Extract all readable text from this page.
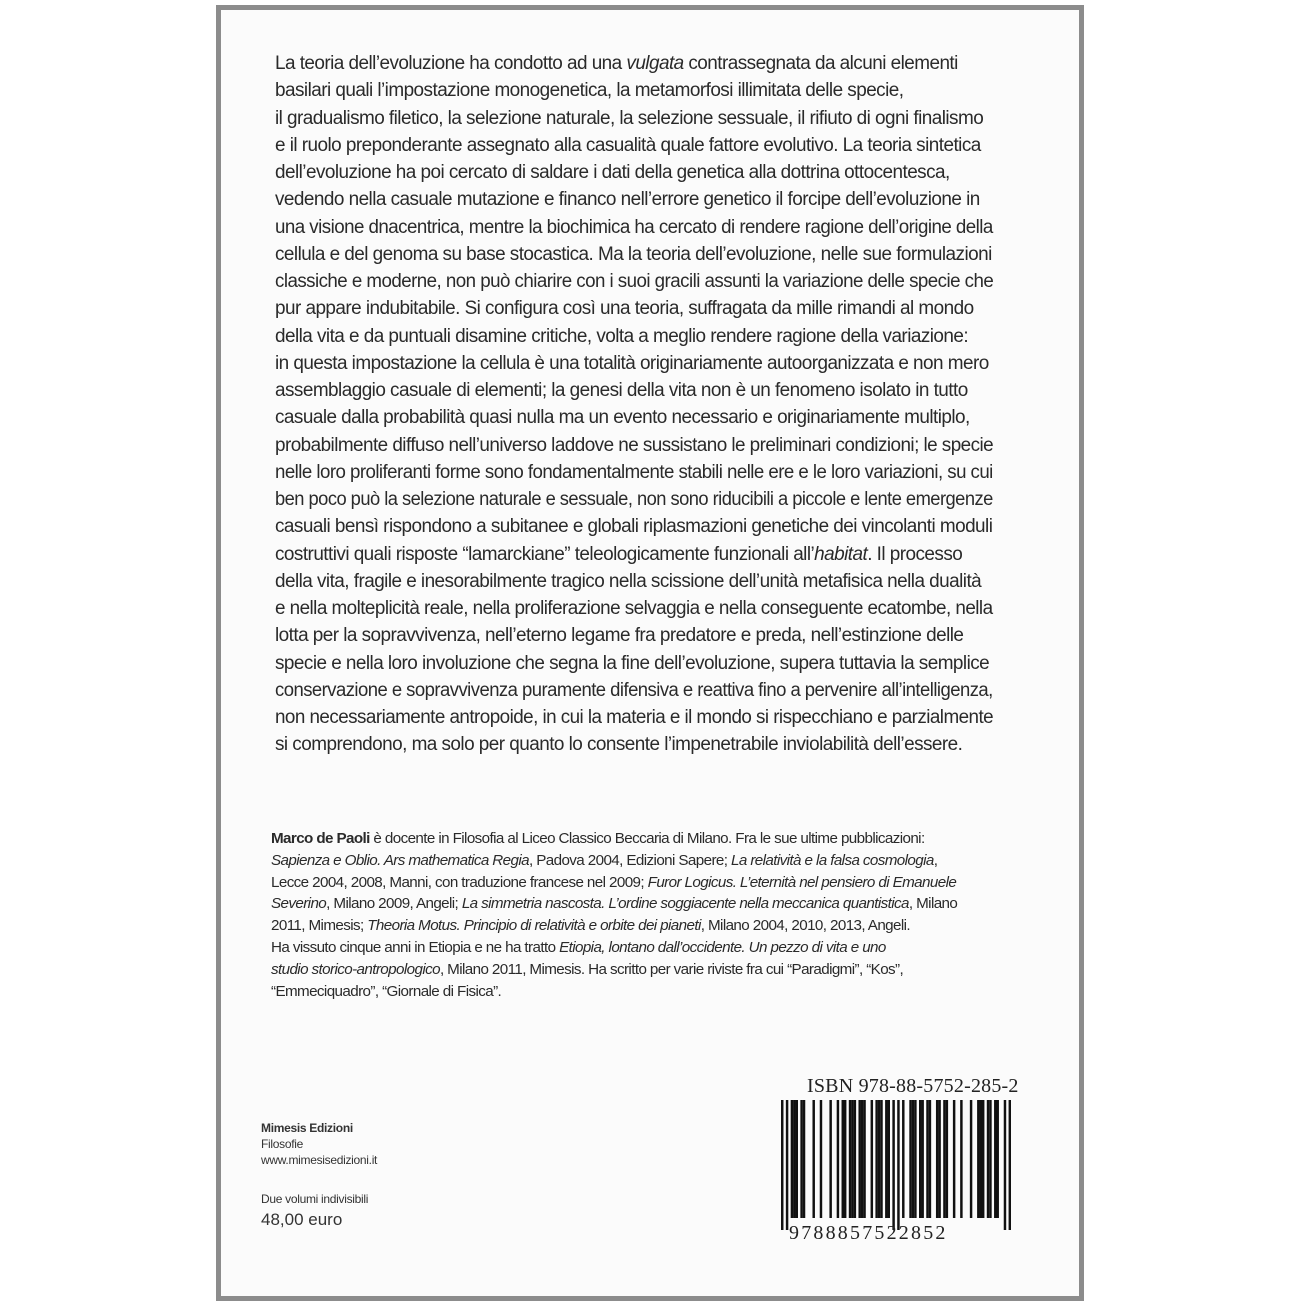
La teoria dell’evoluzione ha condotto ad una vulgata contrassegnata da alcuni elementi
basilari quali l’impostazione monogenetica, la metamorfosi illimitata delle specie,
il gradualismo filetico, la selezione naturale, la selezione sessuale, il rifiuto di ogni finalismo
e il ruolo preponderante assegnato alla casualità quale fattore evolutivo. La teoria sintetica
dell’evoluzione ha poi cercato di saldare i dati della genetica alla dottrina ottocentesca,
vedendo nella casuale mutazione e financo nell’errore genetico il forcipe dell’evoluzione in
una visione dnacentrica, mentre la biochimica ha cercato di rendere ragione dell’origine della
cellula e del genoma su base stocastica. Ma la teoria dell’evoluzione, nelle sue formulazioni
classiche e moderne, non può chiarire con i suoi gracili assunti la variazione delle specie che
pur appare indubitabile. Si configura così una teoria, suffragata da mille rimandi al mondo
della vita e da puntuali disamine critiche, volta a meglio rendere ragione della variazione:
in questa impostazione la cellula è una totalità originariamente autoorganizzata e non mero
assemblaggio casuale di elementi; la genesi della vita non è un fenomeno isolato in tutto
casuale dalla probabilità quasi nulla ma un evento necessario e originariamente multiplo,
probabilmente diffuso nell’universo laddove ne sussistano le preliminari condizioni; le specie
nelle loro proliferanti forme sono fondamentalmente stabili nelle ere e le loro variazioni, su cui
ben poco può la selezione naturale e sessuale, non sono riducibili a piccole e lente emergenze
casuali bensì rispondono a subitanee e globali riplasmazioni genetiche dei vincolanti moduli
costruttivi quali risposte “lamarckiane” teleologicamente funzionali all’habitat. Il processo
della vita, fragile e inesorabilmente tragico nella scissione dell’unità metafisica nella dualità
e nella molteplicità reale, nella proliferazione selvaggia e nella conseguente ecatombe, nella
lotta per la sopravvivenza, nell’eterno legame fra predatore e preda, nell’estinzione delle
specie e nella loro involuzione che segna la fine dell’evoluzione, supera tuttavia la semplice
conservazione e sopravvivenza puramente difensiva e reattiva fino a pervenire all’intelligenza,
non necessariamente antropoide, in cui la materia e il mondo si rispecchiano e parzialmente
si comprendono, ma solo per quanto lo consente l’impenetrabile inviolabilità dell’essere.
Marco de Paoli è docente in Filosofia al Liceo Classico Beccaria di Milano. Fra le sue ultime pubblicazioni:
Sapienza e Oblio. Ars mathematica Regia, Padova 2004, Edizioni Sapere; La relatività e la falsa cosmologia,
Lecce 2004, 2008, Manni, con traduzione francese nel 2009; Furor Logicus. L’eternità nel pensiero di Emanuele
Severino, Milano 2009, Angeli; La simmetria nascosta. L’ordine soggiacente nella meccanica quantistica, Milano
2011, Mimesis; Theoria Motus. Principio di relatività e orbite dei pianeti, Milano 2004, 2010, 2013, Angeli.
Ha vissuto cinque anni in Etiopia e ne ha tratto Etiopia, lontano dall’occidente. Un pezzo di vita e uno
studio storico-antropologico, Milano 2011, Mimesis. Ha scritto per varie riviste fra cui “Paradigmi”, “Kos”,
“Emmeciquadro”, “Giornale di Fisica”.
Mimesis Edizioni
Filosofie
www.mimesisedizioni.it
Due volumi indivisibili
48,00 euro
ISBN 978-88-5752-285-2
9788857522852
